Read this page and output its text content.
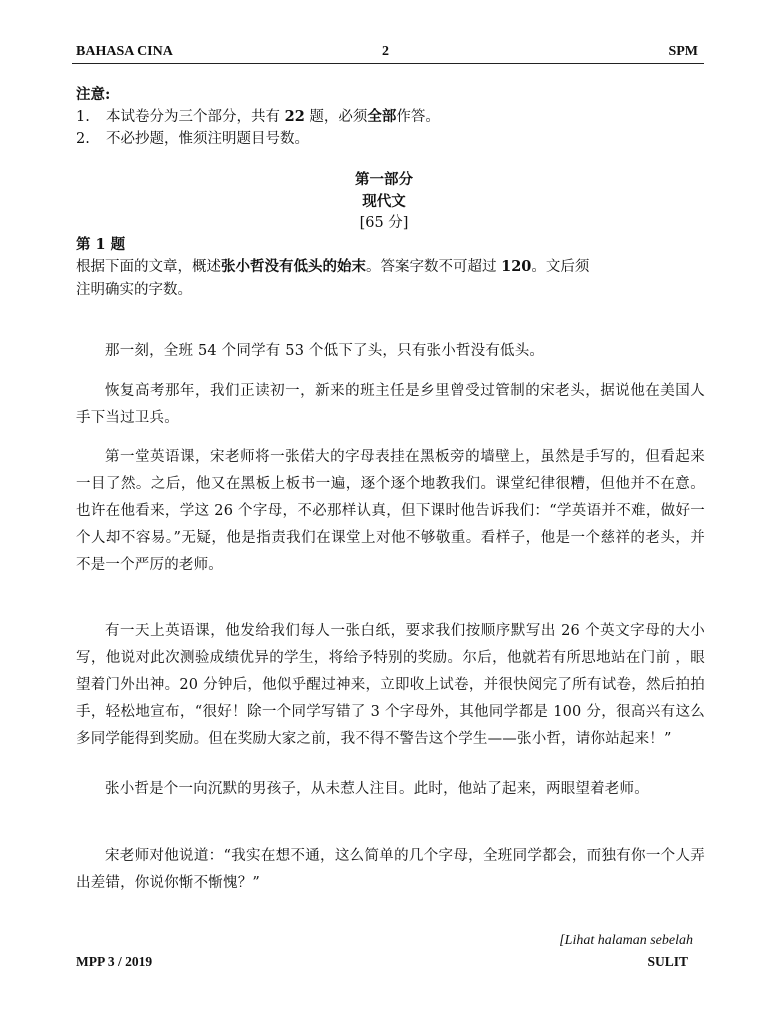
BAHASA CINA	2	SPM
注意:
1. 本试卷分为三个部分，共有 22 题，必须全部作答。
2. 不必抄题，惟须注明题目号数。
第一部分
现代文
[65 分]
第 1 题
根据下面的文章，概述张小哲没有低头的始末。答案字数不可超过 120。文后须
注明确实的字数。
那一刻，全班 54 个同学有 53 个低下了头，只有张小哲没有低头。
恢复高考那年，我们正读初一，新来的班主任是乡里曾受过管制的宋老头，据说他在美国人手下当过卫兵。
第一堂英语课，宋老师将一张偌大的字母表挂在黑板旁的墙壁上，虽然是手写的，但看起来一目了然。之后，他又在黑板上板书一遍，逐个逐个地教我们。课堂纪律很糟，但他并不在意。也许在他看来，学这 26 个字母，不必那样认真，但下课时他告诉我们：“学英语并不难，做好一个人却不容易。”无疑，他是指责我们在课堂上对他不够敬重。看样子，他是一个慈祥的老头，并不是一个严厉的老师。
有一天上英语课，他发给我们每人一张白纸，要求我们按顺序默写出 26 个英文字母的大小写，他说对此次测验成绩优异的学生，将给予特别的奖励。尔后，他就若有所思地站在门前 ，眼望着门外出神。20 分钟后，他似乎醒过神来，立即收上试卷，并很快阅完了所有试卷，然后拍拍手，轻松地宣布，“很好！除一个同学写错了 3 个字母外，其他同学都是 100 分，很高兴有这么多同学能得到奖励。但在奖励大家之前，我不得不警告这个学生——张小哲，请你站起来！”
张小哲是个一向沉默的男孩子，从未惹人注目。此时，他站了起来，两眼望着老师。
宋老师对他说道：“我实在想不通，这么简单的几个字母，全班同学都会，而独有你一个人弄出差错，你说你惭不惭愧？”
[Lihat halaman sebelah
MPP 3 / 2019	SULIT
